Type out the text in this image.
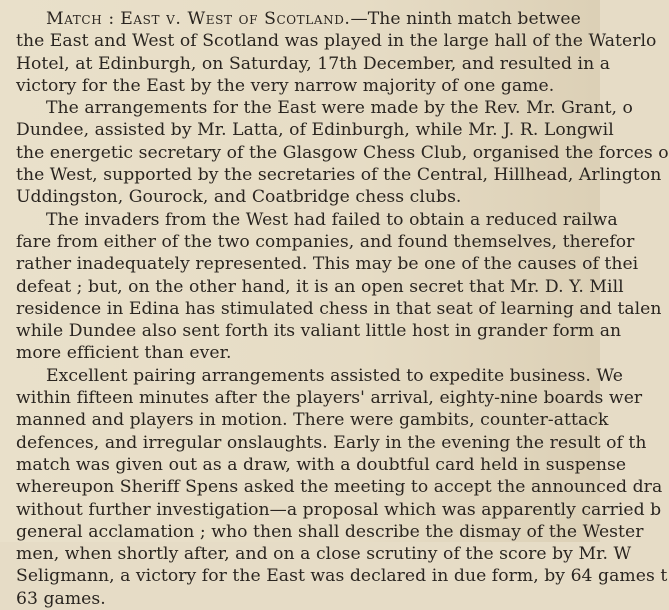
Match : East v. West of Scotland.—The ninth match betwee
the East and West of Scotland was played in the large hall of the Waterlo
Hotel, at Edinburgh, on Saturday, 17th December, and resulted in a
victory for the East by the very narrow majority of one game.

The arrangements for the East were made by the Rev. Mr. Grant, o
Dundee, assisted by Mr. Latta, of Edinburgh, while Mr. J. R. Longwil
the energetic secretary of the Glasgow Chess Club, organised the forces o
the West, supported by the secretaries of the Central, Hillhead, Arlington
Uddingston, Gourock, and Coatbridge chess clubs.

The invaders from the West had failed to obtain a reduced railwa
fare from either of the two companies, and found themselves, therefor
rather inadequately represented. This may be one of the causes of thei
defeat ; but, on the other hand, it is an open secret that Mr. D. Y. Mill
residence in Edina has stimulated chess in that seat of learning and talen
while Dundee also sent forth its valiant little host in grander form an
more efficient than ever.

Excellent pairing arrangements assisted to expedite business. We
within fifteen minutes after the players' arrival, eighty-nine boards wer
manned and players in motion. There were gambits, counter-attack
defences, and irregular onslaughts. Early in the evening the result of th
match was given out as a draw, with a doubtful card held in suspense
whereupon Sheriff Spens asked the meeting to accept the announced dra
without further investigation—a proposal which was apparently carried b
general acclamation ; who then shall describe the dismay of the Wester
men, when shortly after, and on a close scrutiny of the score by Mr. W
Seligmann, a victory for the East was declared in due form, by 64 games t
63 games.
